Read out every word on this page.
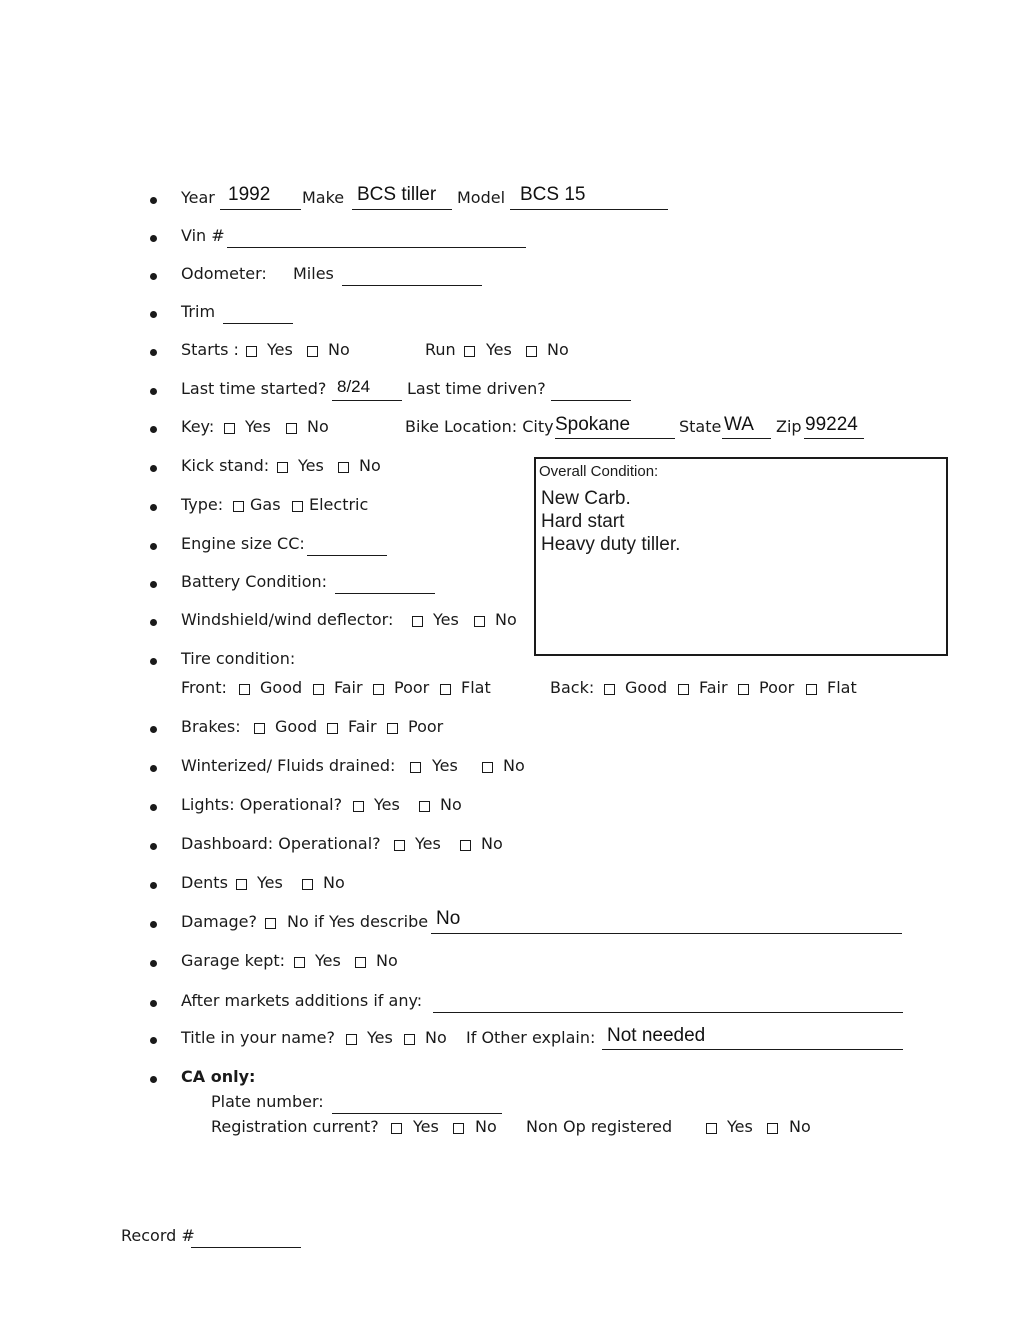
Year 1992 Make BCS tiller Model BCS 15
Vin #
Odometer: Miles
Trim
Starts : Yes No	Run Yes No
Last time started? 8/24 Last time driven?
Key: Yes No	Bike Location: City Spokane	State WA Zip 99224
Kick stand: Yes No
Type: Gas Electric
Engine size CC:
Battery Condition:
Windshield/wind deflector: Yes No
Overall Condition:
New Carb.
Hard start
Heavy duty tiller.
Tire condition:
Front: Good Fair Poor Flat	Back: Good Fair Poor Flat
Brakes: Good Fair Poor
Winterized/ Fluids drained: Yes	No
Lights: Operational? Yes	No
Dashboard: Operational? Yes	No
Dents Yes	No
Damage? No if Yes describe No
Garage kept: Yes No
After markets additions if any:
Title in your name? Yes No If Other explain: Not needed
CA only:
Plate number:
Registration current? Yes No Non Op registered	Yes No
Record #
